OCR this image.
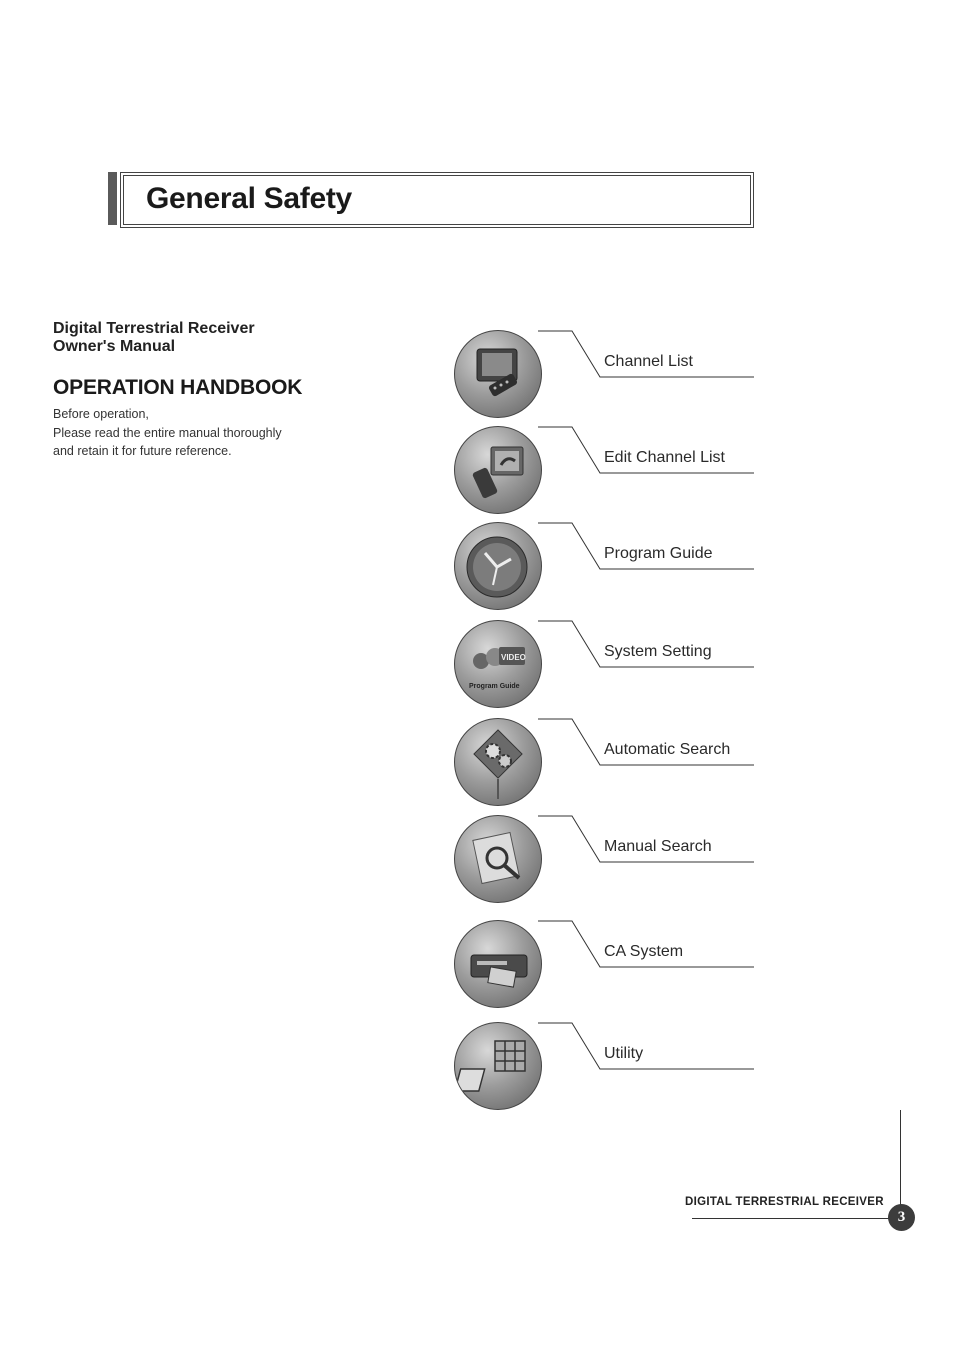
General Safety
Digital Terrestrial Receiver
Owner's Manual
OPERATION HANDBOOK

Before operation,
Please read the entire manual thoroughly
and retain it for future reference.

Channel List
Edit Channel List
Program Guide
VIDEO
Program Guide
System Setting
Automatic Search
Manual Search
CA System
Utility
DIGITAL TERRESTRIAL RECEIVER
3
